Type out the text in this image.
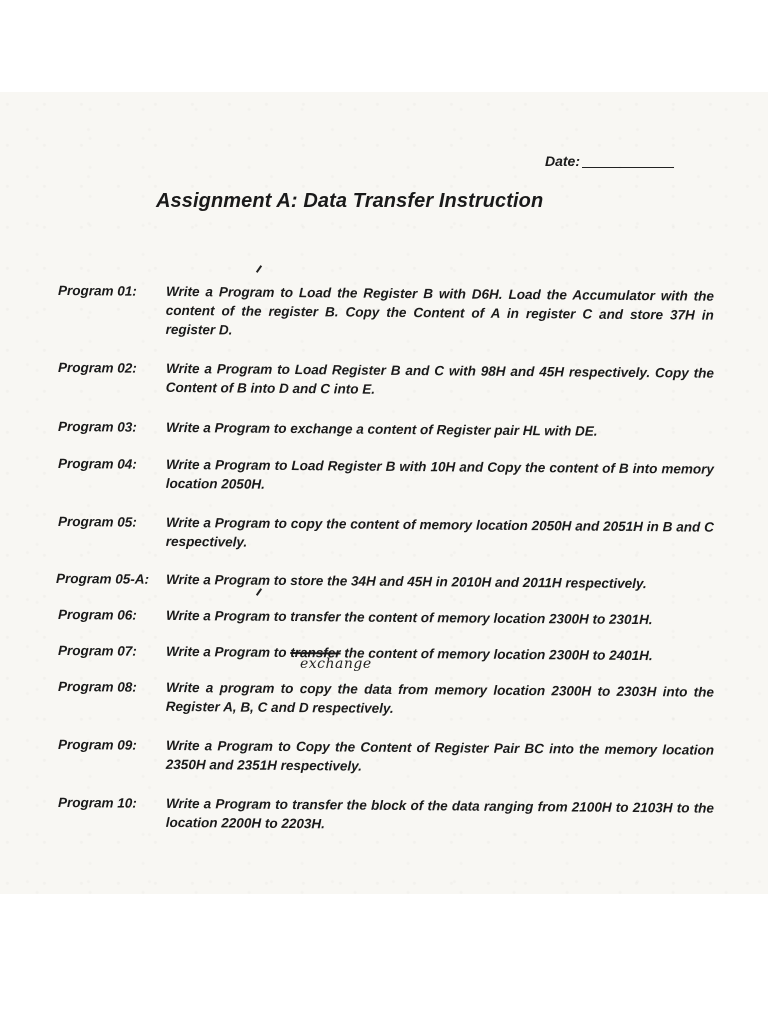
Date:
Assignment A: Data Transfer Instruction
Program 01: Write a Program to Load the Register B with D6H. Load the Accumulator with the content of the register B. Copy the Content of A in register C and store 37H in register D.
Program 02: Write a Program to Load Register B and C with 98H and 45H respectively. Copy the Content of B into D and C into E.
Program 03: Write a Program to exchange a content of Register pair HL with DE.
Program 04: Write a Program to Load Register B with 10H and Copy the content of B into memory location 2050H.
Program 05: Write a Program to copy the content of memory location 2050H and 2051H in B and C respectively.
Program 05-A: Write a Program to store the 34H and 45H in 2010H and 2011H respectively.
Program 06: Write a Program to transfer the content of memory location 2300H to 2301H.
Program 07: Write a Program to transfer the content of memory location 2300H to 2401H.
exchange
Program 08: Write a program to copy the data from memory location 2300H to 2303H into the Register A, B, C and D respectively.
Program 09: Write a Program to Copy the Content of Register Pair BC into the memory location 2350H and 2351H respectively.
Program 10: Write a Program to transfer the block of the data ranging from 2100H to 2103H to the location 2200H to 2203H.
